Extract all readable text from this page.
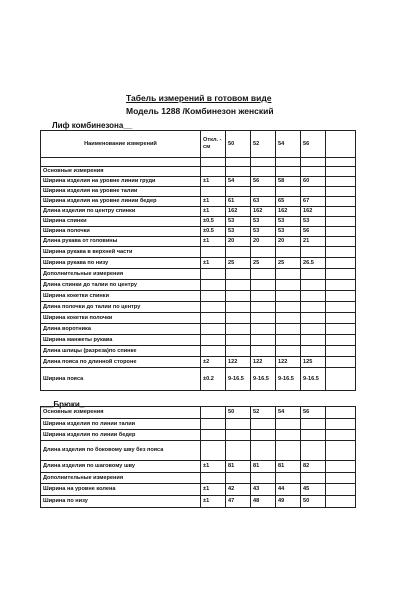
Табель измерений в готовом виде
Модель 1288 /Комбинезон женский
Лиф комбинезона__
___Брюки_
Наименование измерений	Откл. - см	50	52	54	56	

Основные измерения						
Ширина изделия на уровне линии груди	±1	54	56	58	60	
Ширина изделия на уровне талии						
Ширина изделия на уровне линии бедер	±1	61	63	65	67	
Длина изделия по центру спинки	±1	162	162	162	162	
Ширина спинки	±0.5	53	53	53	53	
Ширина полочки	±0.5	53	53	53	56	
Длина рукава от головины	±1	20	20	20	21	
Ширина рукава в верхней части						
Ширина рукава по низу	±1	25	25	25	26.5	
Дополнительные измерения						
Длина спинки до талии по центру						
Ширина кокетки спинки						
Длина полочки до талии по центру						
Ширина кокетки полочки						
Длина воротника						
Ширина манжеты рукава						
Длина шлицы (разреза)по спинке						
Длина пояса по длинной стороне	±2	122	122	122	125	
Ширина пояса	±0.2	9-16.5	9-16.5	9-16.5	9-16.5	
Основные измерения		50	52	54	56	
Ширина изделия по линии талии						
Ширина изделия по линии бедер						
Длина изделия по боковому шву без пояса						
Длина изделия по шаговому шву	±1	81	81	81	82	
Дополнительные измерения						
Ширина на уровне колена	±1	42	43	44	45	
Ширина по низу	±1	47	48	49	50	
